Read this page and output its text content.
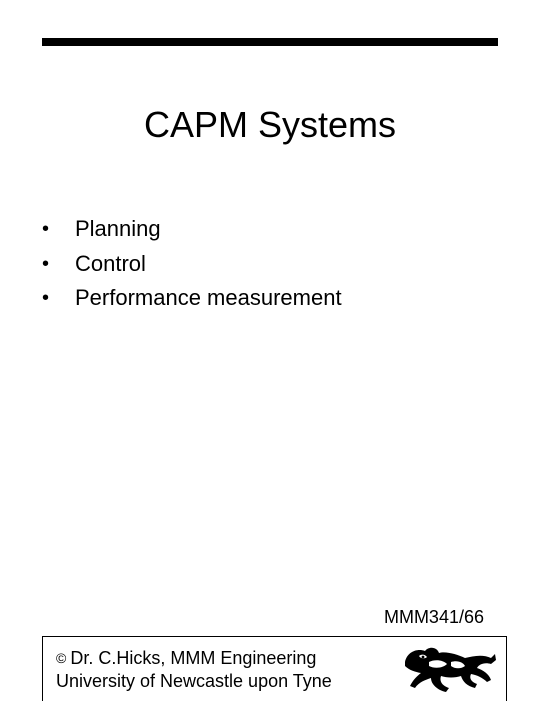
CAPM Systems
•	Planning
•	Control
•	Performance measurement
MMM341/66
© Dr. C.Hicks, MMM Engineering
University of Newcastle upon Tyne
